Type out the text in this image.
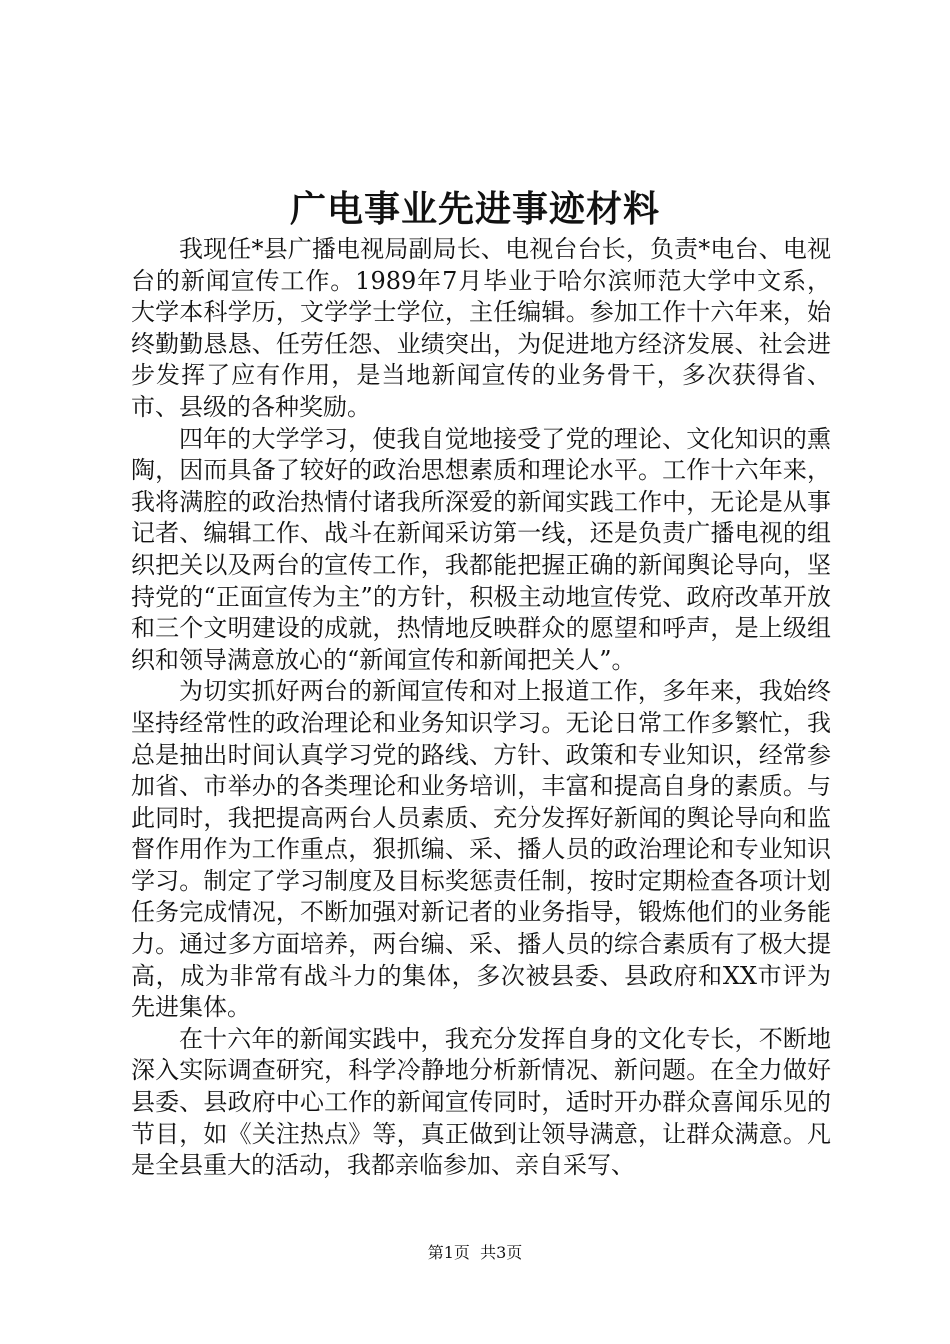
广电事业先进事迹材料

我现任*县广播电视局副局长、电视台台长，负责*电台、电视台的新闻宣传工作。1989年7月毕业于哈尔滨师范大学中文系，大学本科学历，文学学士学位，主任编辑。参加工作十六年来，始终勤勤恳恳、任劳任怨、业绩突出，为促进地方经济发展、社会进步发挥了应有作用，是当地新闻宣传的业务骨干，多次获得省、市、县级的各种奖励。

四年的大学学习，使我自觉地接受了党的理论、文化知识的熏陶，因而具备了较好的政治思想素质和理论水平。工作十六年来，我将满腔的政治热情付诸我所深爱的新闻实践工作中，无论是从事记者、编辑工作、战斗在新闻采访第一线，还是负责广播电视的组织把关以及两台的宣传工作，我都能把握正确的新闻舆论导向，坚持党的“正面宣传为主”的方针，积极主动地宣传党、政府改革开放和三个文明建设的成就，热情地反映群众的愿望和呼声，是上级组织和领导满意放心的“新闻宣传和新闻把关人”。

为切实抓好两台的新闻宣传和对上报道工作，多年来，我始终坚持经常性的政治理论和业务知识学习。无论日常工作多繁忙，我总是抽出时间认真学习党的路线、方针、政策和专业知识，经常参加省、市举办的各类理论和业务培训，丰富和提高自身的素质。与此同时，我把提高两台人员素质、充分发挥好新闻的舆论导向和监督作用作为工作重点，狠抓编、采、播人员的政治理论和专业知识学习。制定了学习制度及目标奖惩责任制，按时定期检查各项计划任务完成情况，不断加强对新记者的业务指导，锻炼他们的业务能力。通过多方面培养，两台编、采、播人员的综合素质有了极大提高，成为非常有战斗力的集体，多次被县委、县政府和XX市评为先进集体。

在十六年的新闻实践中，我充分发挥自身的文化专长，不断地深入实际调查研究，科学冷静地分析新情况、新问题。在全力做好县委、县政府中心工作的新闻宣传同时，适时开办群众喜闻乐见的节目，如《关注热点》等，真正做到让领导满意，让群众满意。凡是全县重大的活动，我都亲临参加、亲自采写、

第1页  共3页
